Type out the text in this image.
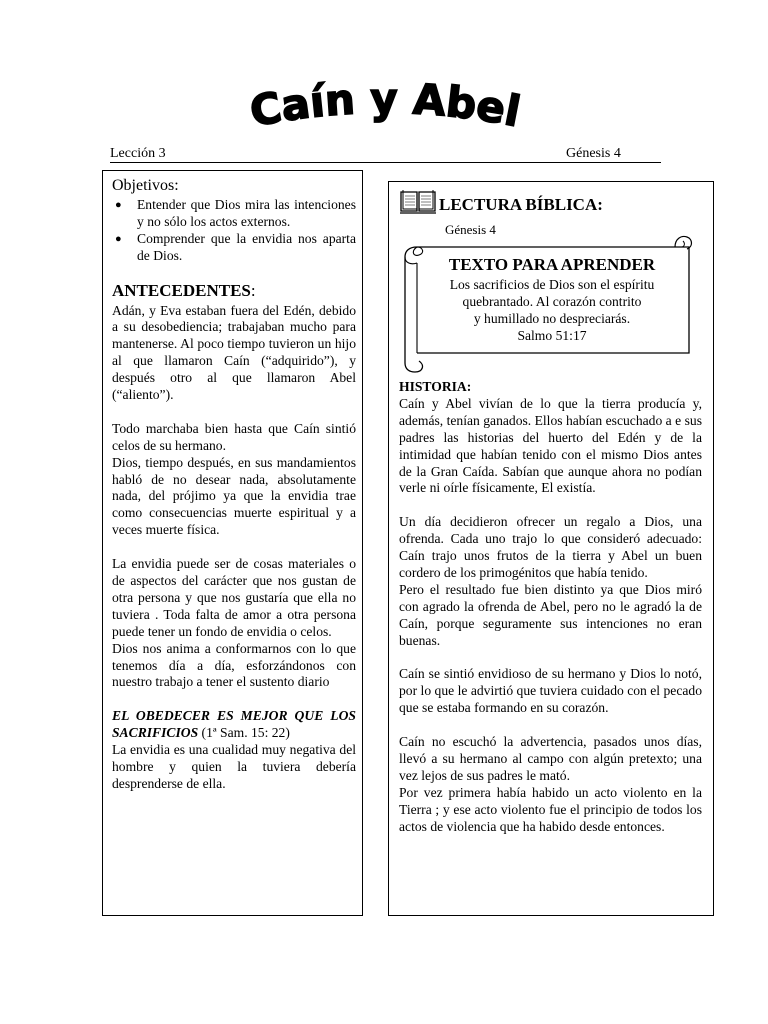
Caín y Abel
Lección 3	Génesis 4

Objetivos:

● Entender que Dios mira las intenciones y no sólo los actos externos.
● Comprender que la envidia nos aparta de Dios.

ANTECEDENTES:

Adán, y Eva estaban fuera del Edén, debido a su desobediencia; trabajaban mucho para mantenerse. Al poco tiempo tuvieron un hijo al que llamaron Caín (“adquirido”), y después otro al que llamaron Abel (“aliento”).

Todo marchaba bien hasta que Caín sintió celos de su hermano.

Dios, tiempo después, en sus mandamientos habló de no desear nada, absolutamente nada, del prójimo ya que la envidia trae como consecuencias muerte espiritual y a veces muerte física.

La envidia puede ser de cosas materiales o de aspectos del carácter que nos gustan de otra persona y que nos gustaría que ella no tuviera . Toda falta de amor a otra persona puede tener un fondo de envidia o celos.

Dios nos anima a conformarnos con lo que tenemos día a día, esforzándonos con nuestro trabajo a tener el sustento diario

EL OBEDECER ES MEJOR QUE LOS SACRIFICIOS (1ª Sam. 15: 22)

La envidia es una cualidad muy negativa del hombre y quien la tuviera debería desprenderse de ella.

LECTURA BÍBLICA:
Génesis 4
TEXTO PARA APRENDER
Los sacrificios de Dios son el espíritu
quebrantado. Al corazón contrito
y humillado no despreciarás.
Salmo 51:17

HISTORIA:

Caín y Abel vivían de lo que la tierra producía y, además, tenían ganados. Ellos habían escuchado a e sus padres las historias del huerto del Edén y de la intimidad que habían tenido con el mismo Dios antes de la Gran Caída. Sabían que aunque ahora no podían verle ni oírle físicamente, El existía.

Un día decidieron ofrecer un regalo a Dios, una ofrenda. Cada uno trajo lo que consideró adecuado: Caín trajo unos frutos de la tierra y Abel un buen cordero de los primogénitos que había tenido.

Pero el resultado fue bien distinto ya que Dios miró con agrado la ofrenda de Abel, pero no le agradó la de Caín, porque seguramente sus intenciones no eran buenas.

Caín se sintió envidioso de su hermano y Dios lo notó, por lo que le advirtió que tuviera cuidado con el pecado que se estaba formando en su corazón.

Caín no escuchó la advertencia, pasados unos días, llevó a su hermano al campo con algún pretexto; una vez lejos de sus padres le mató.

Por vez primera había habido un acto violento en la Tierra ; y ese acto violento fue el principio de todos los actos de violencia que ha habido desde entonces.
